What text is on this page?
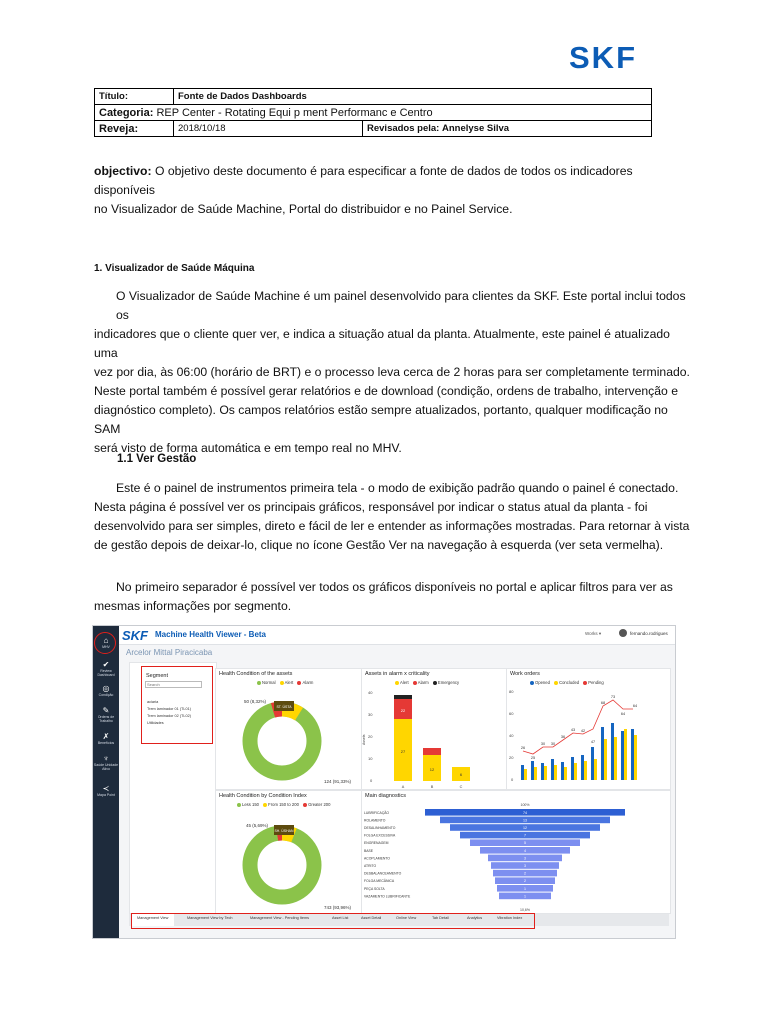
SKF
Título:	Fonte de Dados Dashboards	
Categoria: REP Center - Rotating Equi p ment Performanc e Centro		
Reveja:	2018/10/18	Revisados pela: Annelyse Silva
objectivo: O objetivo deste documento é para especificar a fonte de dados de todos os indicadores disponíveis
no Visualizador de Saúde Machine, Portal do distribuidor e no Painel Service.
1. Visualizador de Saúde Máquina
O Visualizador de Saúde Machine é um painel desenvolvido para clientes da SKF. Este portal inclui todos os
indicadores que o cliente quer ver, e indica a situação atual da planta. Atualmente, este painel é atualizado uma
vez por dia, às 06:00 (horário de BRT) e o processo leva cerca de 2 horas para ser completamente terminado.
Neste portal também é possível gerar relatórios e de download (condição, ordens de trabalho, intervenção e
diagnóstico completo). Os campos relatórios estão sempre atualizados, portanto, qualquer modificação no SAM
será visto de forma automática e em tempo real no MHV.
1.1 Ver Gestão
Este é o painel de instrumentos primeira tela - o modo de exibição padrão quando o painel é conectado.
Nesta página é possível ver os principais gráficos, responsável por indicar o status atual da planta - foi
desenvolvido para ser simples, direto e fácil de ler e entender as informações mostradas. Para retornar à vista
de gestão depois de deixar-lo, clique no ícone Gestão Ver na navegação à esquerda (ver seta vermelha).
No primeiro separador é possível ver todos os gráficos disponíveis no portal e aplicar filtros para ver as
mesmas informações por segmento.
⌂
MHV
✔
Review Dashboard
◎
Condição
✎
Ordens de Trabalho
✗
Benefícios
♆
Saúde Unidade Ativo
≺
Mapa Point
SKF Machine Health Viewer - Beta	Works ▾	fernando.rodrigues
Arcelor Mittal Piracicaba
Segment
Search
aciaria
Trem laminador 01 (TL01)
Trem laminador 02 (TL02)
Utilidades
Health Condition of the assets
Normal Alert Alarm
ST. ÚSTA
50 (8,32%)
124 (91,33%)
Assets in alarm x criticality
Alert Alarm Emergency
40
30
20
10
0
Assets
27
22
12
6
A	B	C
Work orders
Opened Concluded Pending
80
60
40
20
0
26
25
30 30
36
43 42
47
68
73
64
64
Health Condition by Condition Index
Less 150 From 150 to 200 Greater 200
SH. ÚSHAN
45 (5,69%)
743 (93,96%)
Main diagnostics
100%
LUBRIFICAÇÃO	74
ROLAMENTO	13
DESALINHAMENTO	12
FOLGA EXCESSIVA	7
ENGRENAGEM	5
BASE	4
ACOPLAMENTO	3
ATRITO	3
DESBALANCEAMENTO	2
FOLGA MECÂNICA	2
PEÇA SOLTA	1
VAZAMENTO LUBRIFICANTE	1
10,6%
Management View	Management View by Tech	Management View - Pending Items	Asset List	Asset Detail	Online View	Tab Detail	Analytics	Vibration Index
